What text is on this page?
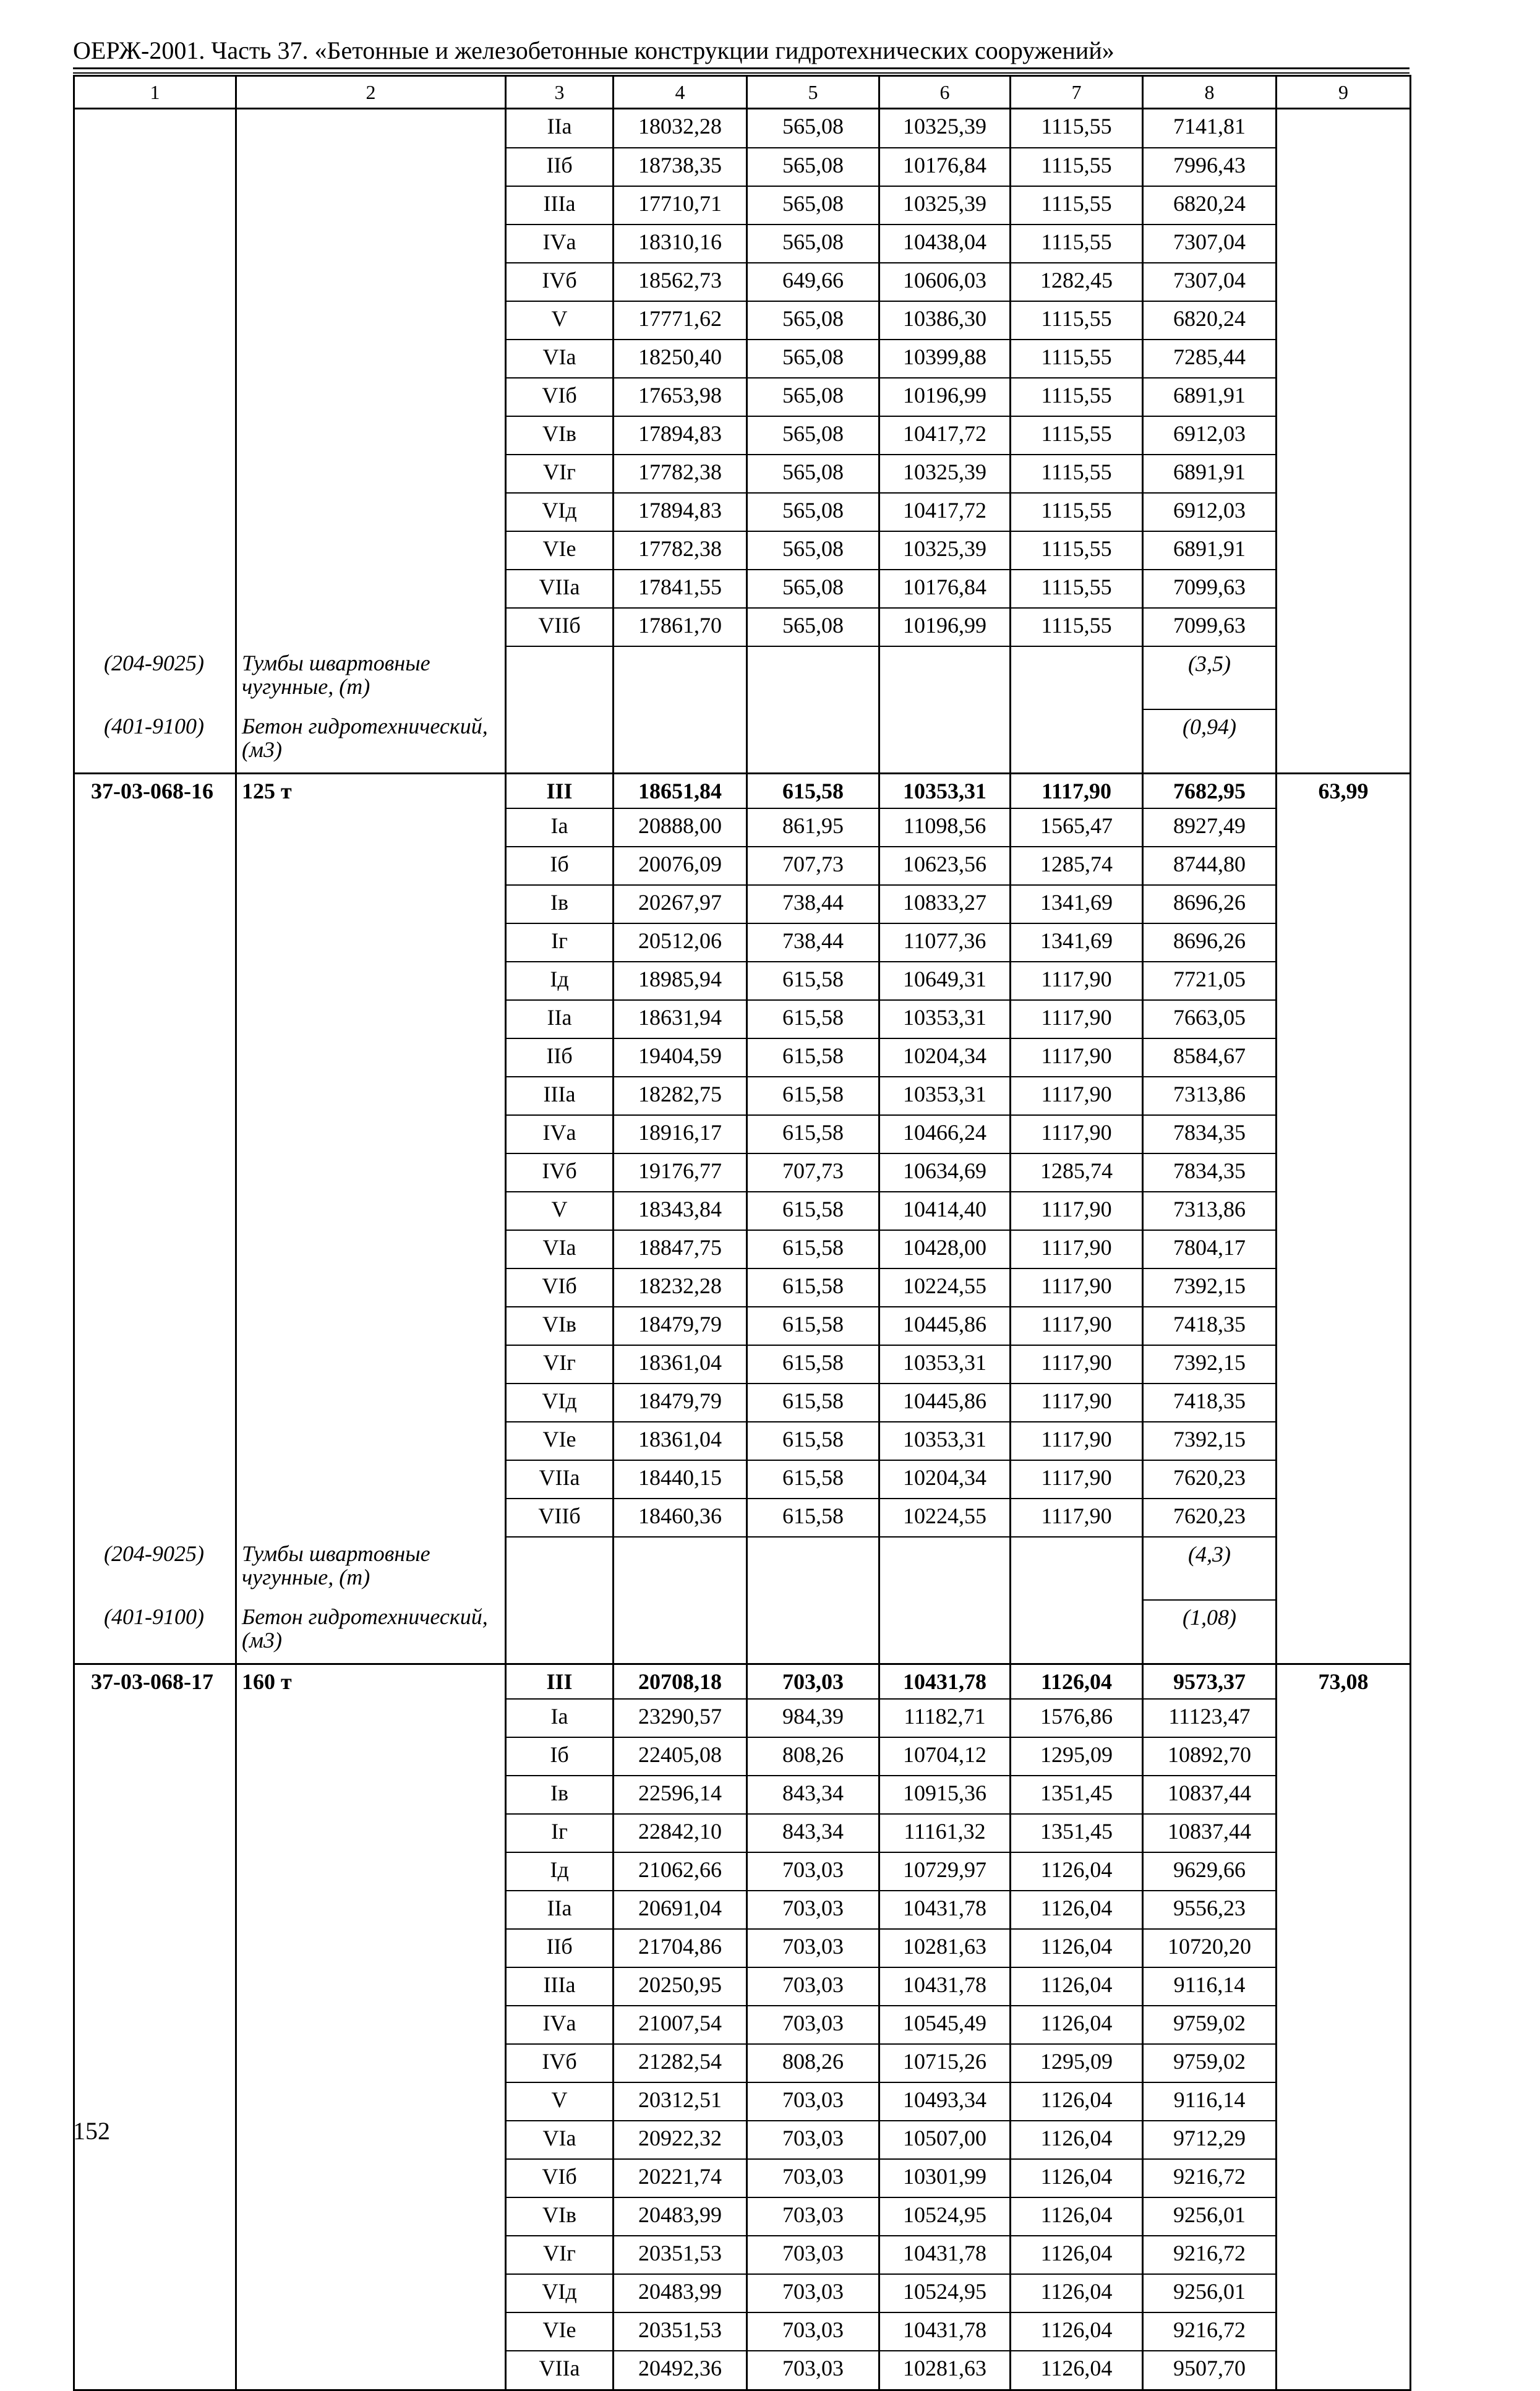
ОЕРЖ-2001. Часть 37. «Бетонные и железобетонные конструкции гидротехнических сооружений»
1	2	3	4	5	6	7	8	9
		IIа	18032,28	565,08	10325,39	1115,55	7141,81	
		IIб	18738,35	565,08	10176,84	1115,55	7996,43	
		IIIа	17710,71	565,08	10325,39	1115,55	6820,24	
		IVа	18310,16	565,08	10438,04	1115,55	7307,04	
		IVб	18562,73	649,66	10606,03	1282,45	7307,04	
		V	17771,62	565,08	10386,30	1115,55	6820,24	
		VIа	18250,40	565,08	10399,88	1115,55	7285,44	
		VIб	17653,98	565,08	10196,99	1115,55	6891,91	
		VIв	17894,83	565,08	10417,72	1115,55	6912,03	
		VIг	17782,38	565,08	10325,39	1115,55	6891,91	
		VIд	17894,83	565,08	10417,72	1115,55	6912,03	
		VIе	17782,38	565,08	10325,39	1115,55	6891,91	
		VIIа	17841,55	565,08	10176,84	1115,55	7099,63	
		VIIб	17861,70	565,08	10196,99	1115,55	7099,63	
(204-9025)	Тумбы швартовные чугунные, (т)						(3,5)	
(401-9100)	Бетон гидротехнический, (м3)						(0,94)	
37-03-068-16	125 т	III	18651,84	615,58	10353,31	1117,90	7682,95	63,99
		Iа	20888,00	861,95	11098,56	1565,47	8927,49	
		Iб	20076,09	707,73	10623,56	1285,74	8744,80	
		Iв	20267,97	738,44	10833,27	1341,69	8696,26	
		Iг	20512,06	738,44	11077,36	1341,69	8696,26	
		Iд	18985,94	615,58	10649,31	1117,90	7721,05	
		IIа	18631,94	615,58	10353,31	1117,90	7663,05	
		IIб	19404,59	615,58	10204,34	1117,90	8584,67	
		IIIа	18282,75	615,58	10353,31	1117,90	7313,86	
		IVа	18916,17	615,58	10466,24	1117,90	7834,35	
		IVб	19176,77	707,73	10634,69	1285,74	7834,35	
		V	18343,84	615,58	10414,40	1117,90	7313,86	
		VIа	18847,75	615,58	10428,00	1117,90	7804,17	
		VIб	18232,28	615,58	10224,55	1117,90	7392,15	
		VIв	18479,79	615,58	10445,86	1117,90	7418,35	
		VIг	18361,04	615,58	10353,31	1117,90	7392,15	
		VIд	18479,79	615,58	10445,86	1117,90	7418,35	
		VIе	18361,04	615,58	10353,31	1117,90	7392,15	
		VIIа	18440,15	615,58	10204,34	1117,90	7620,23	
		VIIб	18460,36	615,58	10224,55	1117,90	7620,23	
(204-9025)	Тумбы швартовные чугунные, (т)						(4,3)	
(401-9100)	Бетон гидротехнический, (м3)						(1,08)	
37-03-068-17	160 т	III	20708,18	703,03	10431,78	1126,04	9573,37	73,08
		Iа	23290,57	984,39	11182,71	1576,86	11123,47	
		Iб	22405,08	808,26	10704,12	1295,09	10892,70	
		Iв	22596,14	843,34	10915,36	1351,45	10837,44	
		Iг	22842,10	843,34	11161,32	1351,45	10837,44	
		Iд	21062,66	703,03	10729,97	1126,04	9629,66	
		IIа	20691,04	703,03	10431,78	1126,04	9556,23	
		IIб	21704,86	703,03	10281,63	1126,04	10720,20	
		IIIа	20250,95	703,03	10431,78	1126,04	9116,14	
		IVа	21007,54	703,03	10545,49	1126,04	9759,02	
		IVб	21282,54	808,26	10715,26	1295,09	9759,02	
		V	20312,51	703,03	10493,34	1126,04	9116,14	
		VIа	20922,32	703,03	10507,00	1126,04	9712,29	
		VIб	20221,74	703,03	10301,99	1126,04	9216,72	
		VIв	20483,99	703,03	10524,95	1126,04	9256,01	
		VIг	20351,53	703,03	10431,78	1126,04	9216,72	
		VIд	20483,99	703,03	10524,95	1126,04	9256,01	
		VIе	20351,53	703,03	10431,78	1126,04	9216,72	
		VIIа	20492,36	703,03	10281,63	1126,04	9507,70	
152
